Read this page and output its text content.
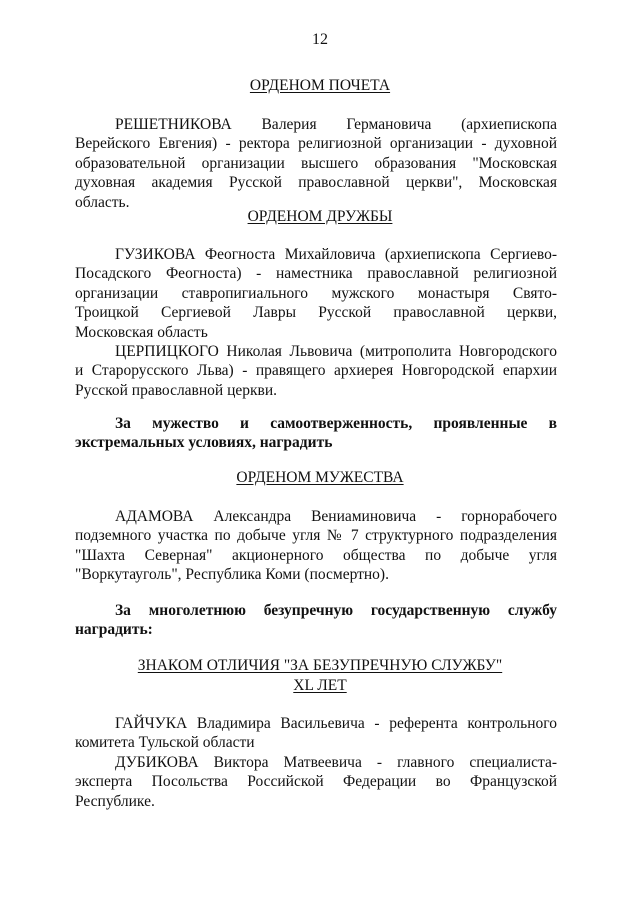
12
ОРДЕНОМ ПОЧЕТА
РЕШЕТНИКОВА Валерия Германовича (архиепископа
Верейского Евгения) - ректора религиозной организации - духовной
образовательной организации высшего образования "Московская
духовная академия Русской православной церкви", Московская
область.
ОРДЕНОМ ДРУЖБЫ
ГУЗИКОВА Феогноста Михайловича (архиепископа Сергиево-
Посадского Феогноста) - наместника православной религиозной
организации ставропигиального мужского монастыря Свято-
Троицкой Сергиевой Лавры Русской православной церкви,
Московская область
ЦЕРПИЦКОГО Николая Львовича (митрополита Новгородского
и Старорусского Льва) - правящего архиерея Новгородской епархии
Русской православной церкви.
За мужество и самоотверженность, проявленные в
экстремальных условиях, наградить
ОРДЕНОМ МУЖЕСТВА
АДАМОВА Александра Вениаминовича - горнорабочего
подземного участка по добыче угля № 7 структурного подразделения
"Шахта Северная" акционерного общества по добыче угля
"Воркутауголь", Республика Коми (посмертно).
За многолетнюю безупречную государственную службу
наградить:
ЗНАКОМ ОТЛИЧИЯ "ЗА БЕЗУПРЕЧНУЮ СЛУЖБУ"
XL ЛЕТ
ГАЙЧУКА Владимира Васильевича - референта контрольного
комитета Тульской области
ДУБИКОВА Виктора Матвеевича - главного специалиста-
эксперта Посольства Российской Федерации во Французской
Республике.
